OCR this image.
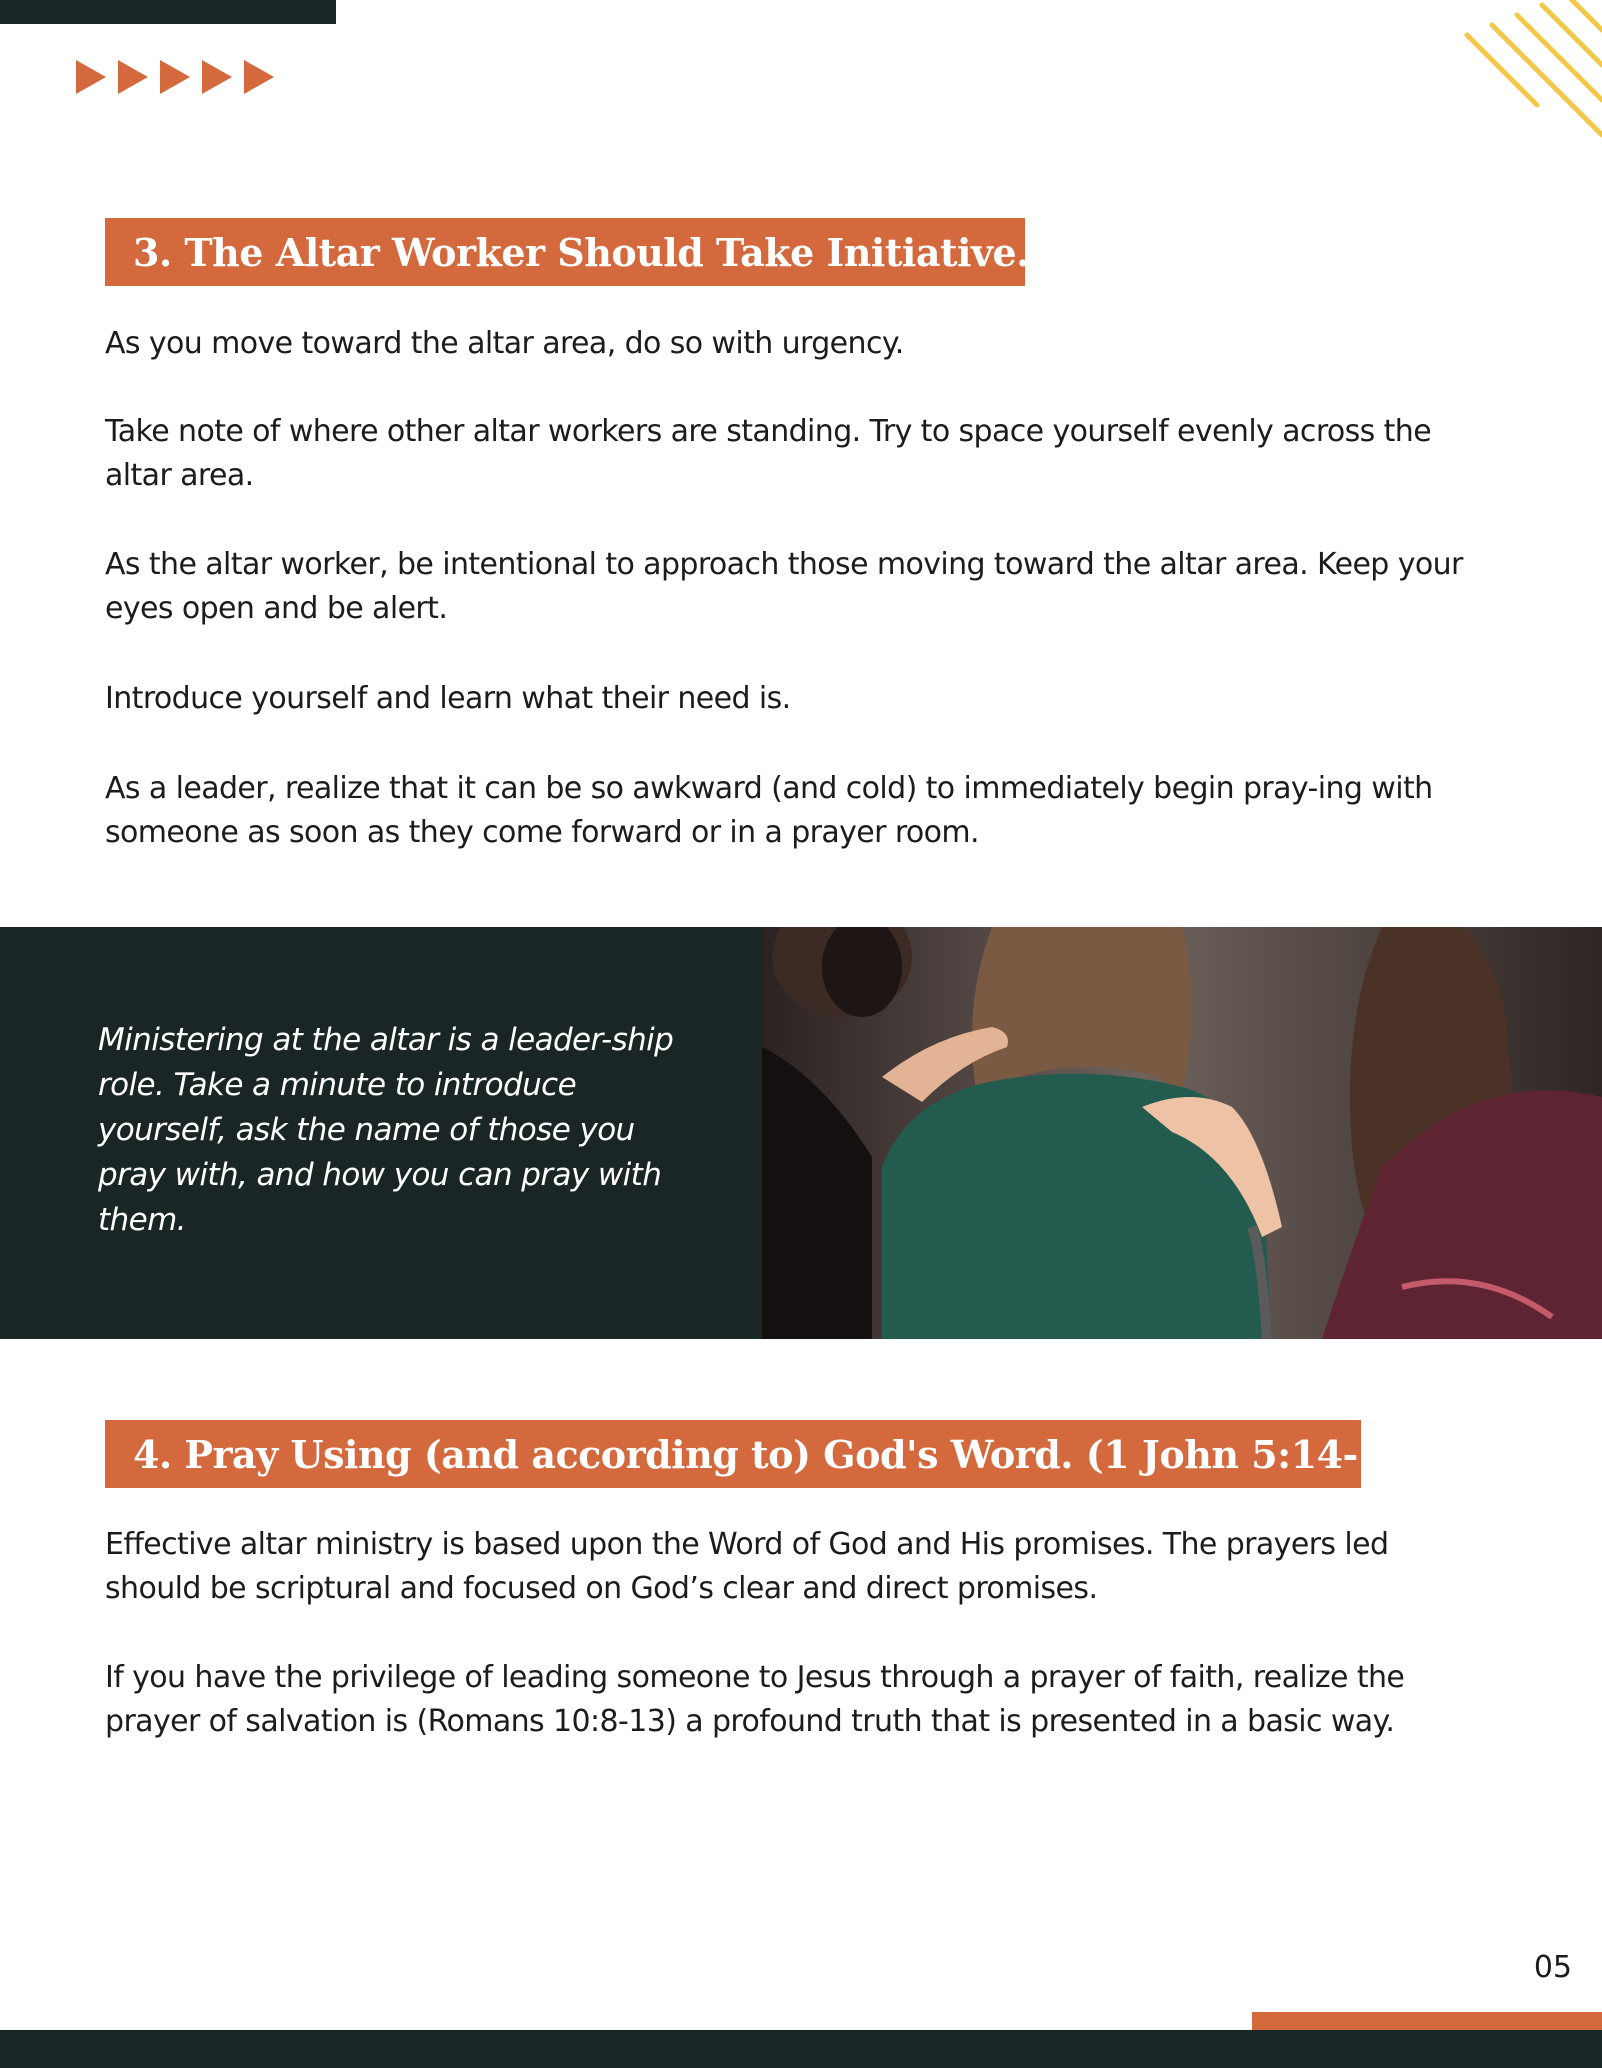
3. The Altar Worker Should Take Initiative.

As you move toward the altar area, do so with urgency.

Take note of where other altar workers are standing. Try to space yourself evenly across the altar area.

As the altar worker, be intentional to approach those moving toward the altar area. Keep your eyes open and be alert.

Introduce yourself and learn what their need is.

As a leader, realize that it can be so awkward (and cold) to immediately begin pray-ing with someone as soon as they come forward or in a prayer room.

Ministering at the altar is a leader-ship role. Take a minute to introduce yourself, ask the name of those you pray with, and how you can pray with them.

4. Pray Using (and according to) God's Word. (1 John 5:14-15)

Effective altar ministry is based upon the Word of God and His promises. The prayers led should be scriptural and focused on God’s clear and direct promises.

If you have the privilege of leading someone to Jesus through a prayer of faith, realize the prayer of salvation is (Romans 10:8-13) a profound truth that is presented in a basic way.

05
